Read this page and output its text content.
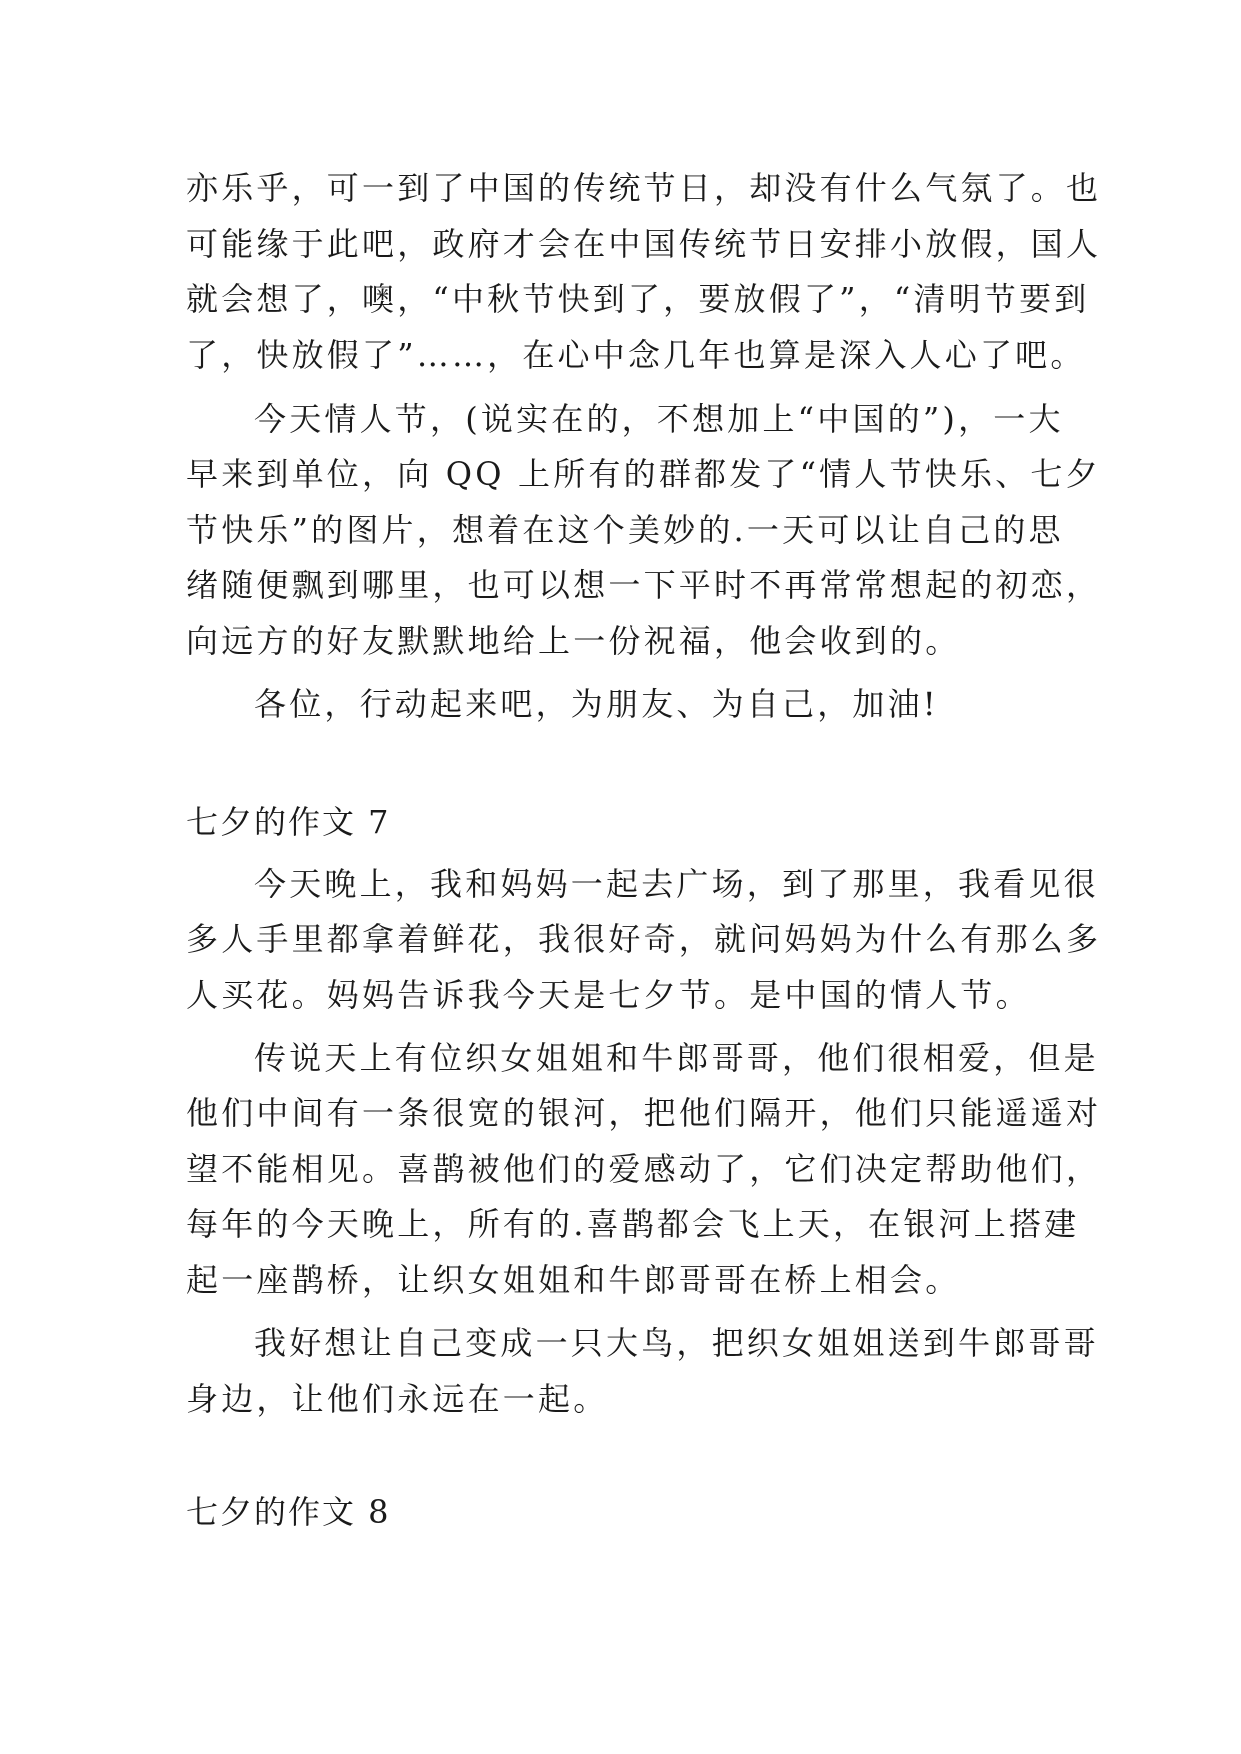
亦乐乎，可一到了中国的传统节日，却没有什么气氛了。也
可能缘于此吧，政府才会在中国传统节日安排小放假，国人
就会想了，噢，“中秋节快到了，要放假了”，“清明节要到
了，快放假了”……，在心中念几年也算是深入人心了吧。
今天情人节，(说实在的，不想加上“中国的”)，一大
早来到单位，向 QQ 上所有的群都发了“情人节快乐、七夕
节快乐”的图片，想着在这个美妙的.一天可以让自己的思
绪随便飘到哪里，也可以想一下平时不再常常想起的初恋，
向远方的好友默默地给上一份祝福，他会收到的。
各位，行动起来吧，为朋友、为自己，加油!
七夕的作文 7
今天晚上，我和妈妈一起去广场，到了那里，我看见很
多人手里都拿着鲜花，我很好奇，就问妈妈为什么有那么多
人买花。妈妈告诉我今天是七夕节。是中国的情人节。
传说天上有位织女姐姐和牛郎哥哥，他们很相爱，但是
他们中间有一条很宽的银河，把他们隔开，他们只能遥遥对
望不能相见。喜鹊被他们的爱感动了，它们决定帮助他们，
每年的今天晚上，所有的.喜鹊都会飞上天，在银河上搭建
起一座鹊桥，让织女姐姐和牛郎哥哥在桥上相会。
我好想让自己变成一只大鸟，把织女姐姐送到牛郎哥哥
身边，让他们永远在一起。
七夕的作文 8
